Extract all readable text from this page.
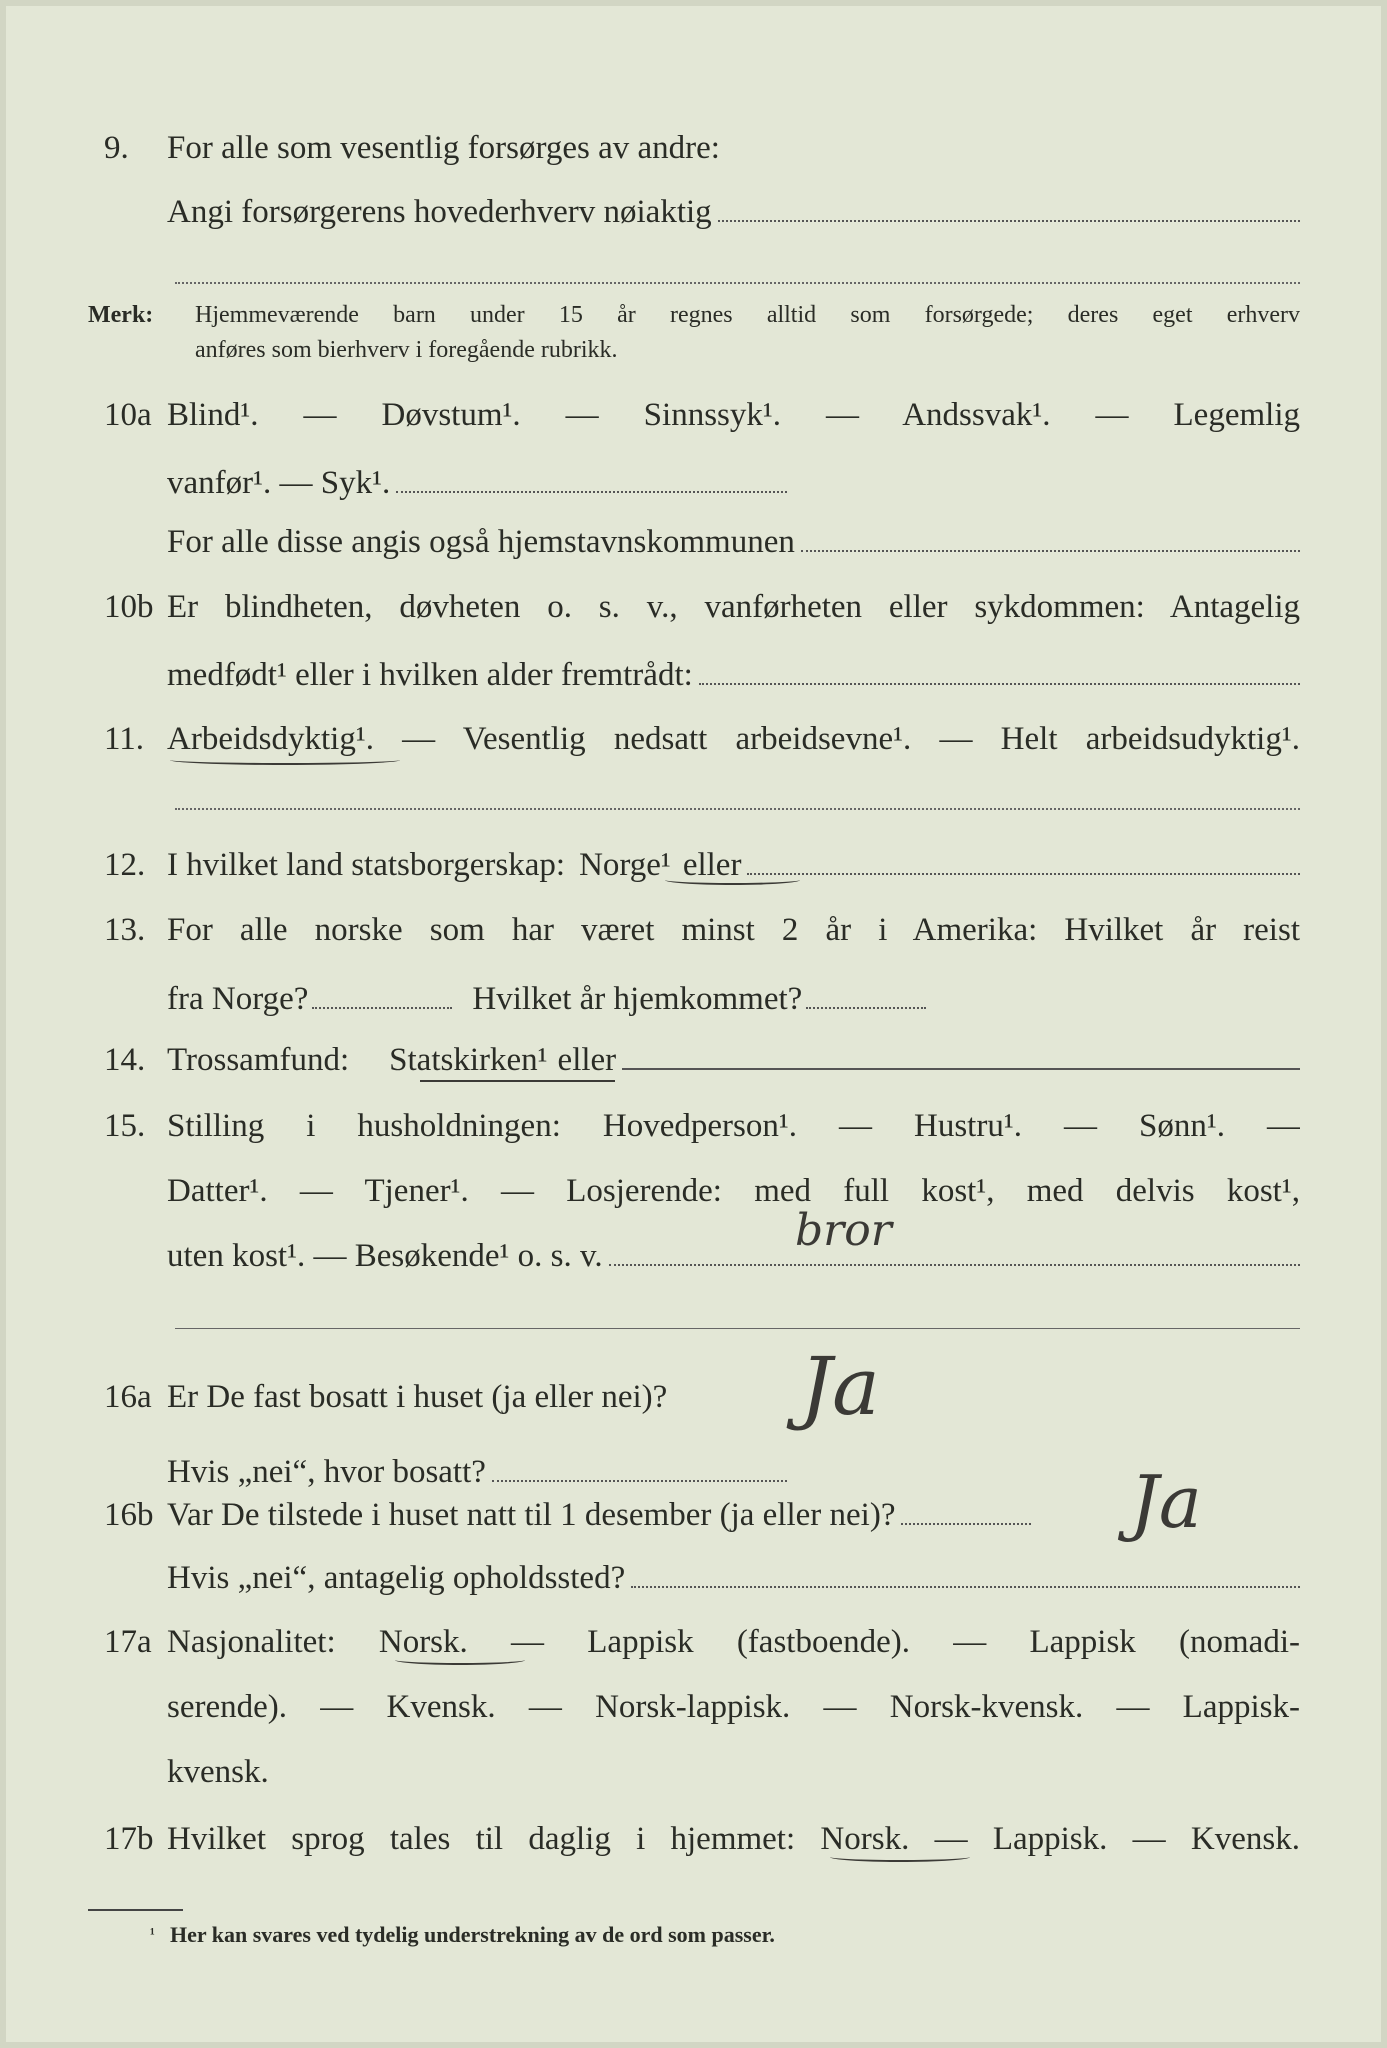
9. For alle som vesentlig forsørges av andre:
Angi forsørgerens hovederhverv nøiaktig
Merk: Hjemmeværende barn under 15 år regnes alltid som forsørgede; deres eget erhverv
anføres som bierhverv i foregående rubrikk.
10a Blind¹. — Døvstum¹. — Sinnssyk¹. — Andssvak¹. — Legemlig
vanfør¹. — Syk¹.
For alle disse angis også hjemstavnskommunen
10b Er blindheten, døvheten o. s. v., vanførheten eller sykdommen: Antagelig
medfødt¹ eller i hvilken alder fremtrådt:
11. Arbeidsdyktig¹. — Vesentlig nedsatt arbeidsevne¹. — Helt arbeidsudyktig¹.
12. I hvilket land statsborgerskap: Norge¹ eller
13. For alle norske som har været minst 2 år i Amerika: Hvilket år reist
fra Norge?	Hvilket år hjemkommet?
14. Trossamfund: Statskirken¹ eller
15. Stilling i husholdningen: Hovedperson¹. — Hustru¹. — Sønn¹. —
Datter¹. — Tjener¹. — Losjerende: med full kost¹, med delvis kost¹,
uten kost¹. — Besøkende¹ o. s. v.	bror
16a Er De fast bosatt i huset (ja eller nei)?
Hvis „nei“, hvor bosatt?
Ja
16b Var De tilstede i huset natt til 1 desember (ja eller nei)?	Ja
Hvis „nei“, antagelig opholdssted?
17a Nasjonalitet: Norsk. — Lappisk (fastboende). — Lappisk (nomadi-
serende). — Kvensk. — Norsk-lappisk. — Norsk-kvensk. — Lappisk-
kvensk.
17b Hvilket sprog tales til daglig i hjemmet: Norsk. — Lappisk. — Kvensk.
¹ Her kan svares ved tydelig understrekning av de ord som passer.
